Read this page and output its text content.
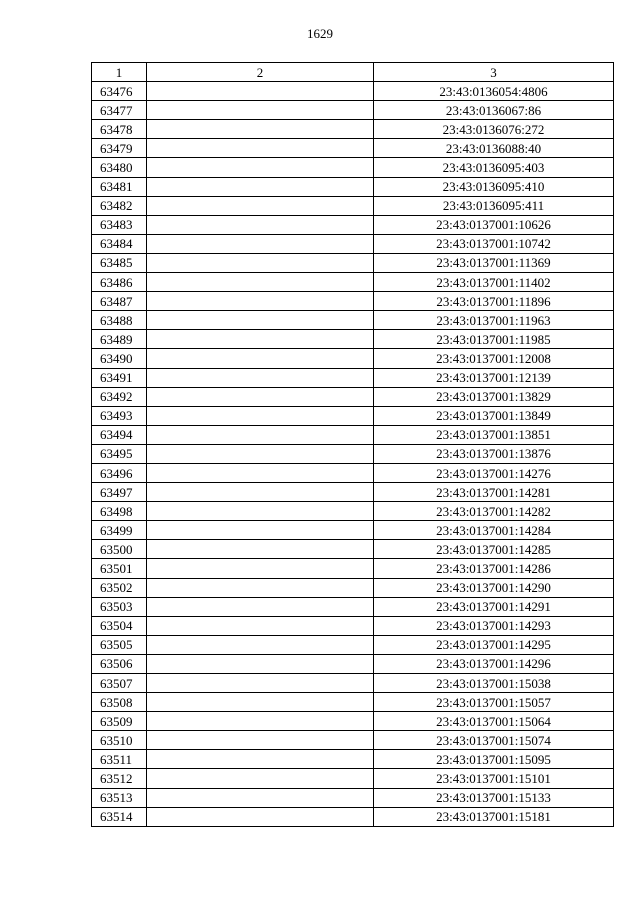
1629
1	2	3
63476		23:43:0136054:4806
63477		23:43:0136067:86
63478		23:43:0136076:272
63479		23:43:0136088:40
63480		23:43:0136095:403
63481		23:43:0136095:410
63482		23:43:0136095:411
63483		23:43:0137001:10626
63484		23:43:0137001:10742
63485		23:43:0137001:11369
63486		23:43:0137001:11402
63487		23:43:0137001:11896
63488		23:43:0137001:11963
63489		23:43:0137001:11985
63490		23:43:0137001:12008
63491		23:43:0137001:12139
63492		23:43:0137001:13829
63493		23:43:0137001:13849
63494		23:43:0137001:13851
63495		23:43:0137001:13876
63496		23:43:0137001:14276
63497		23:43:0137001:14281
63498		23:43:0137001:14282
63499		23:43:0137001:14284
63500		23:43:0137001:14285
63501		23:43:0137001:14286
63502		23:43:0137001:14290
63503		23:43:0137001:14291
63504		23:43:0137001:14293
63505		23:43:0137001:14295
63506		23:43:0137001:14296
63507		23:43:0137001:15038
63508		23:43:0137001:15057
63509		23:43:0137001:15064
63510		23:43:0137001:15074
63511		23:43:0137001:15095
63512		23:43:0137001:15101
63513		23:43:0137001:15133
63514		23:43:0137001:15181
